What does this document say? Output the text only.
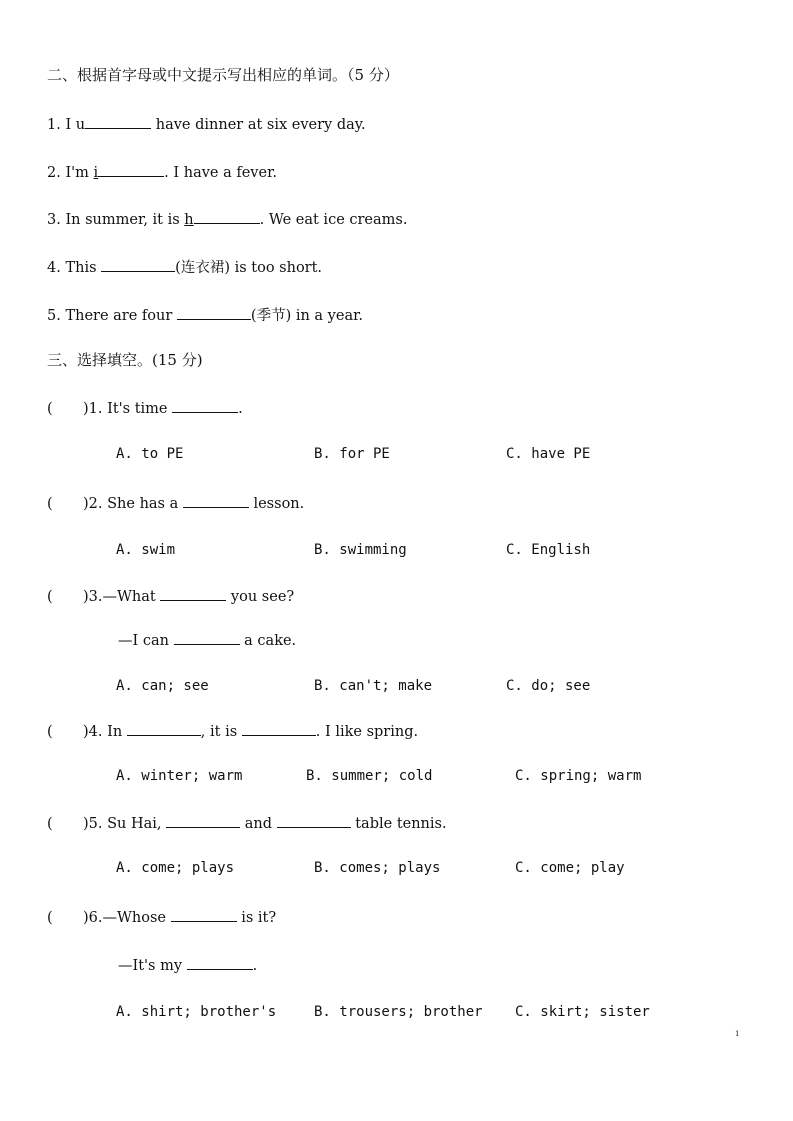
二、根据首字母或中文提示写出相应的单词。（5 分）
1. I u	have dinner at six every day.
2. I'm i	. I have a fever.
3. In summer, it is h	. We eat ice creams.
4. This	(连衣裙) is too short.
5. There are four	(季节) in a year.
三、选择填空。(15 分)
( )1. It's time	.
A. to PE	B. for PE	C. have PE
( )2. She has a	lesson.
A. swim	B. swimming	C. English
( )3.—What	you see?
—I can	a cake.
A. can; see	B. can't; make	C. do; see
( )4. In	, it is	. I like spring.
A. winter; warm	B. summer; cold	C. spring; warm
( )5. Su Hai,	and	table tennis.
A. come; plays	B. comes; plays	C. come; play
( )6.—Whose	is it?
—It's my	.
A. shirt; brother's	B. trousers; brother C. skirt; sister
1
